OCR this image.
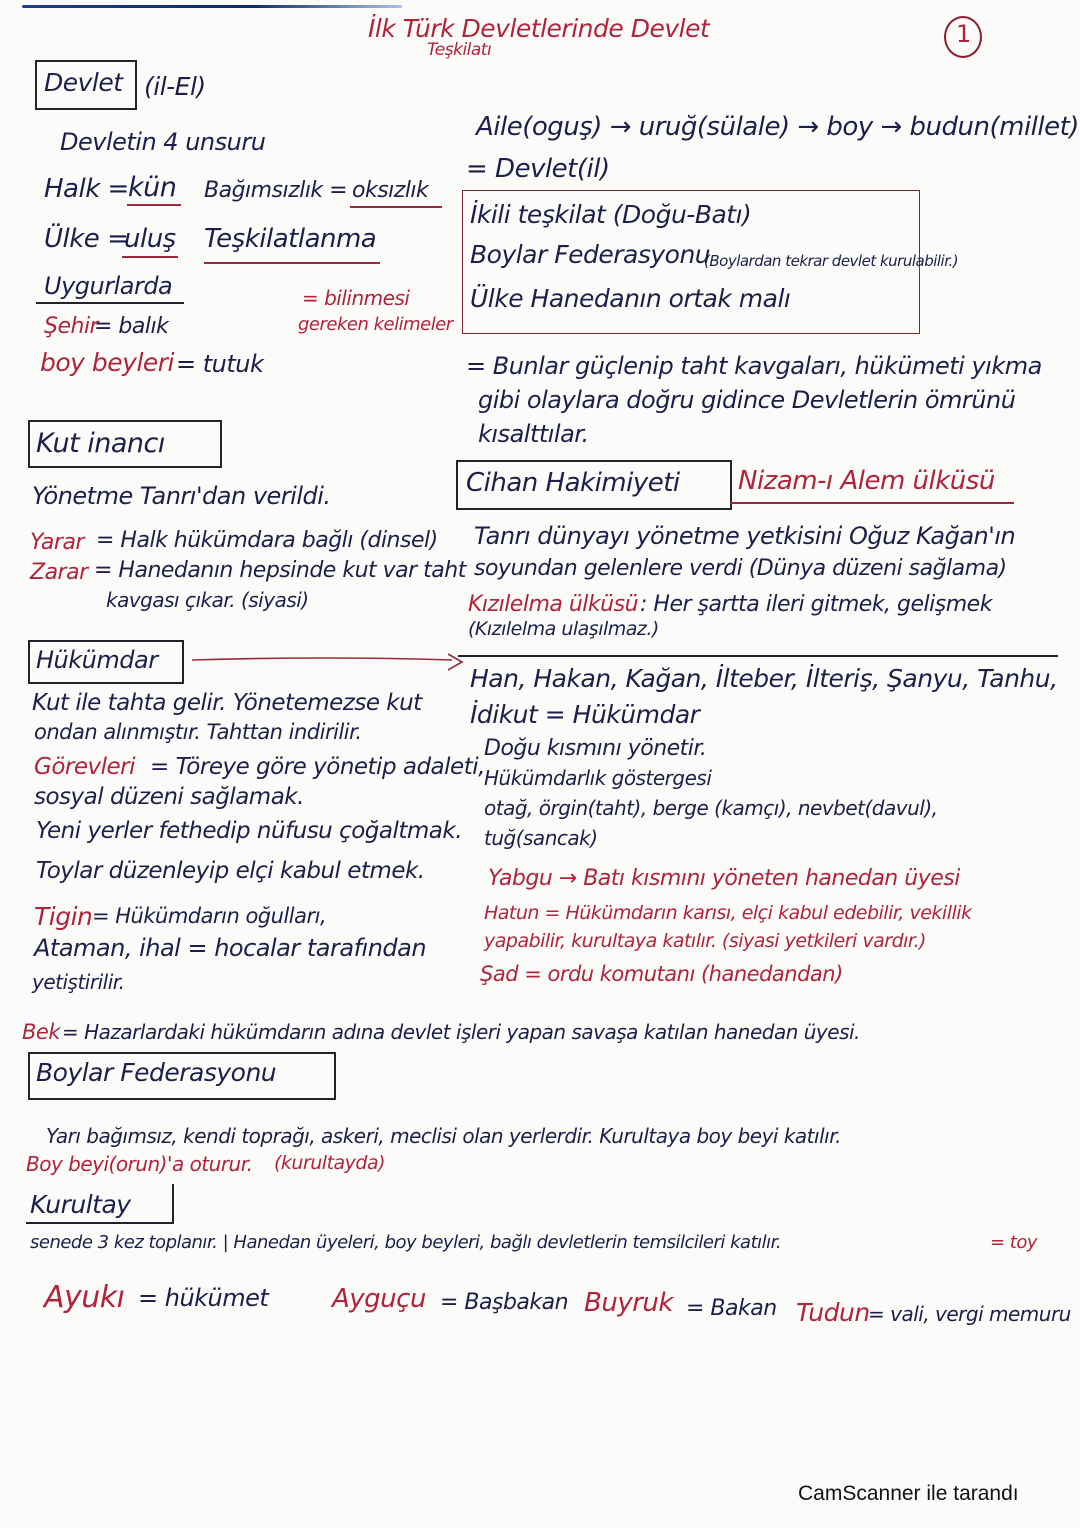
İlk Türk Devletlerinde Devlet
Teşkilatı
1
Devlet (il-El)
Devletin 4 unsuru
Halk = kün Bağımsızlık = oksızlık
Ülke =
uluş Teşkilatlanma
Uygurlarda
Şehir
= balık
boy beyleri = tutuk
= bilinmesi
gereken kelimeler
Aile(oguş) → uruğ(sülale) → boy → budun(millet)
= Devlet(il)
İkili teşkilat (Doğu-Batı)
Boylar Federasyonu
(Boylardan tekrar devlet kurulabilir.)
Ülke Hanedanın ortak malı
= Bunlar güçlenip taht kavgaları, hükümeti yıkma
gibi olaylara doğru gidince Devletlerin ömrünü
kısalttılar.
Kut inancı
Yönetme Tanrı'dan verildi.
Yarar = Halk hükümdara bağlı (dinsel)
Zarar = Hanedanın hepsinde kut var taht
kavgası çıkar. (siyasi)
Cihan Hakimiyeti Nizam-ı Alem ülküsü
Tanrı dünyayı yönetme yetkisini Oğuz Kağan'ın
soyundan gelenlere verdi (Dünya düzeni sağlama)
Kızılelma ülküsü : Her şartta ileri gitmek, gelişmek
(Kızılelma ulaşılmaz.)
Hükümdar
Han, Hakan, Kağan, İlteber, İlteriş, Şanyu, Tanhu,
İdikut = Hükümdar
Kut ile tahta gelir. Yönetemezse kut
ondan alınmıştır. Tahttan indirilir.
Görevleri = Töreye göre yönetip adaleti,
sosyal düzeni sağlamak.
Yeni yerler fethedip nüfusu çoğaltmak.
Toylar düzenleyip elçi kabul etmek.
Tigin = Hükümdarın oğulları,
Ataman, ihal = hocalar tarafından
yetiştirilir.
Doğu kısmını yönetir.
Hükümdarlık göstergesi
otağ, örgin(taht), berge (kamçı), nevbet(davul),
tuğ(sancak)
Yabgu → Batı kısmını yöneten hanedan üyesi
Hatun = Hükümdarın karısı, elçi kabul edebilir, vekillik
yapabilir, kurultaya katılır. (siyasi yetkileri vardır.)
Şad = ordu komutanı (hanedandan)
Bek = Hazarlardaki hükümdarın adına devlet işleri yapan savaşa katılan hanedan üyesi.
Boylar Federasyonu
Yarı bağımsız, kendi toprağı, askeri, meclisi olan yerlerdir. Kurultaya boy beyi katılır.
Boy beyi(orun)'a oturur. (kurultayda)
Kurultay
senede 3 kez toplanır. | Hanedan üyeleri, boy beyleri, bağlı devletlerin temsilcileri katılır.	= toy
Ayukı = hükümet Ayguçu = Başbakan Buyruk = Bakan Tudun
= vali, vergi memuru
CamScanner ile tarandı
